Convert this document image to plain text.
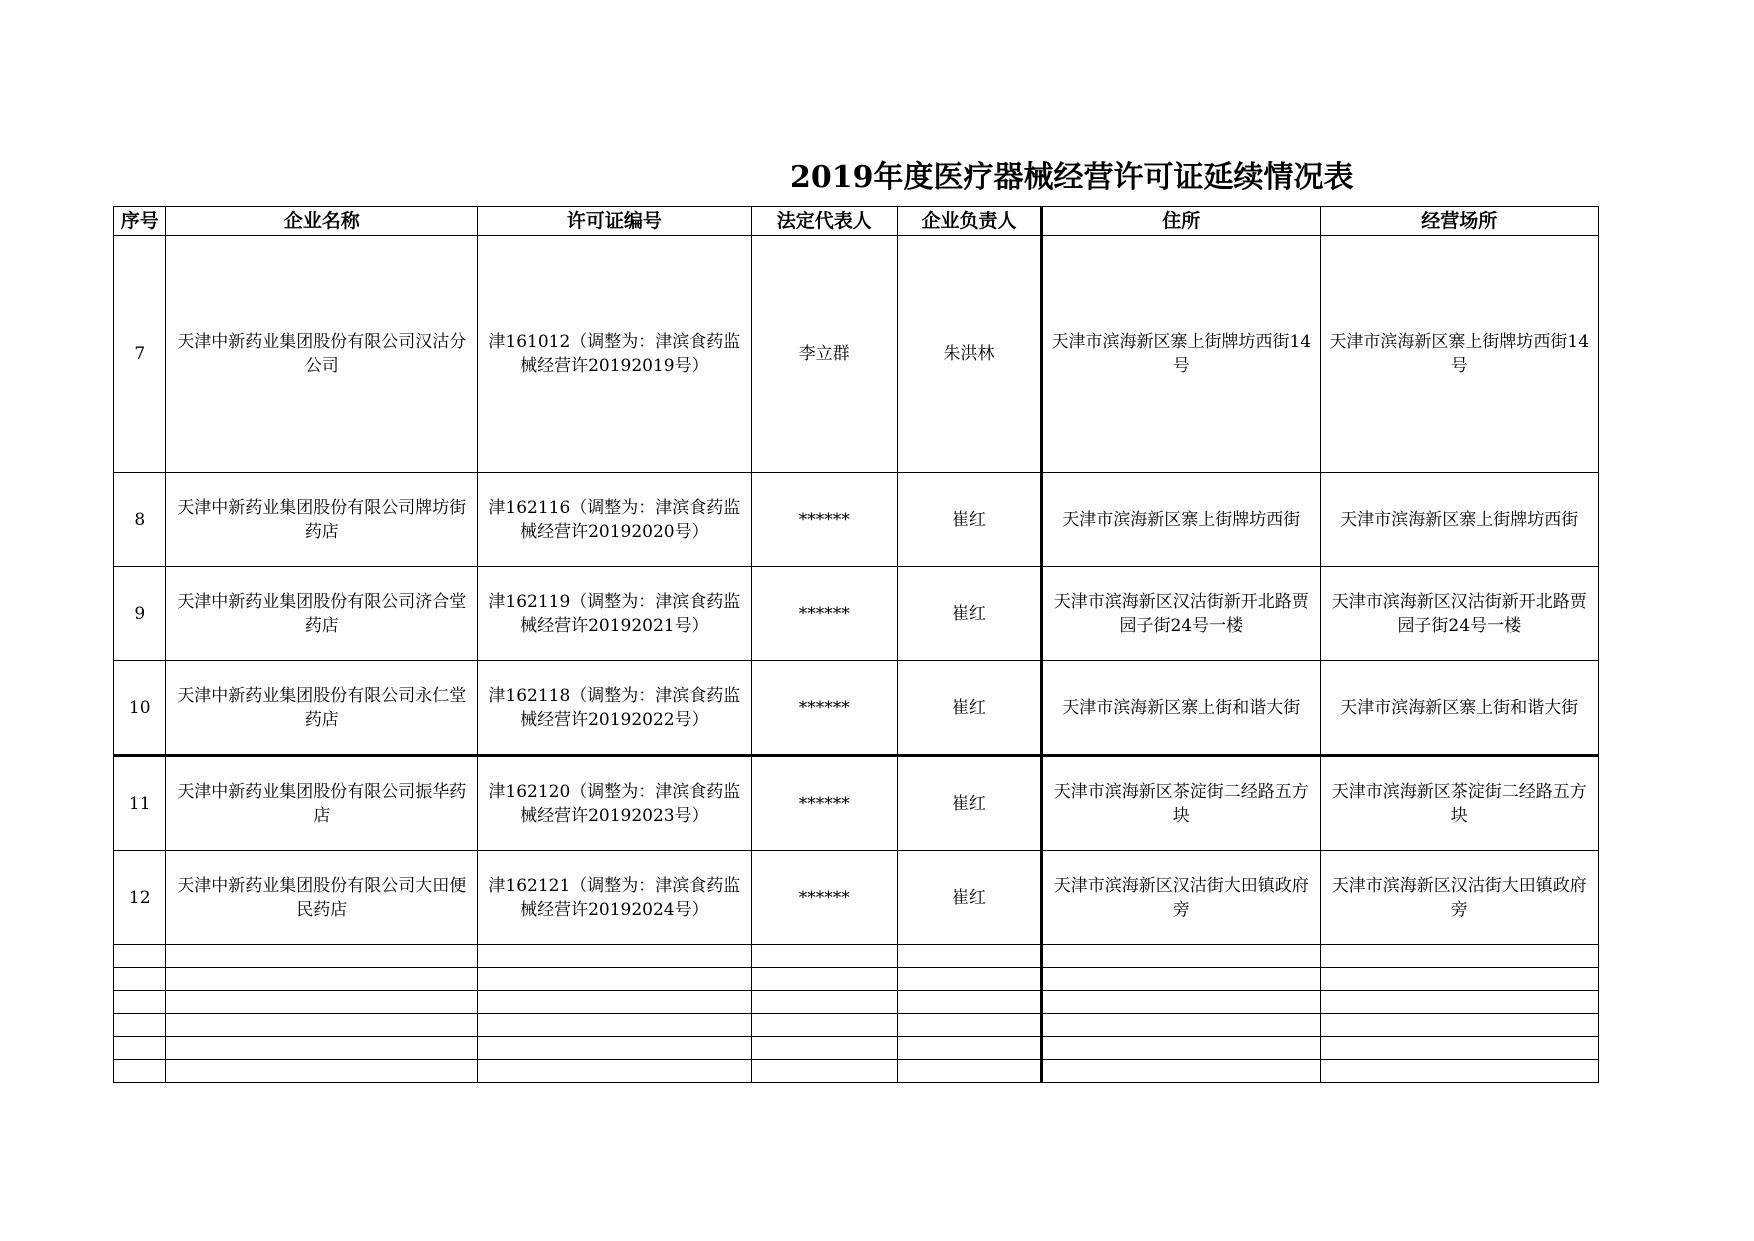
2019年度医疗器械经营许可证延续情况表
序号	企业名称	许可证编号	法定代表人	企业负责人	住所	经营场所
7	天津中新药业集团股份有限公司汉沽分公司	津161012（调整为：津滨食药监械经营许20192019号）	李立群	朱洪林	天津市滨海新区寨上街牌坊西街14号	天津市滨海新区寨上街牌坊西街14号
8	天津中新药业集团股份有限公司牌坊街药店	津162116（调整为：津滨食药监械经营许20192020号）	******	崔红	天津市滨海新区寨上街牌坊西街	天津市滨海新区寨上街牌坊西街
9	天津中新药业集团股份有限公司济合堂药店	津162119（调整为：津滨食药监械经营许20192021号）	******	崔红	天津市滨海新区汉沽街新开北路贾园子街24号一楼	天津市滨海新区汉沽街新开北路贾园子街24号一楼
10	天津中新药业集团股份有限公司永仁堂药店	津162118（调整为：津滨食药监械经营许20192022号）	******	崔红	天津市滨海新区寨上街和谐大街	天津市滨海新区寨上街和谐大街
11	天津中新药业集团股份有限公司振华药店	津162120（调整为：津滨食药监械经营许20192023号）	******	崔红	天津市滨海新区茶淀街二经路五方块	天津市滨海新区茶淀街二经路五方块
12	天津中新药业集团股份有限公司大田便民药店	津162121（调整为：津滨食药监械经营许20192024号）	******	崔红	天津市滨海新区汉沽街大田镇政府旁	天津市滨海新区汉沽街大田镇政府旁
